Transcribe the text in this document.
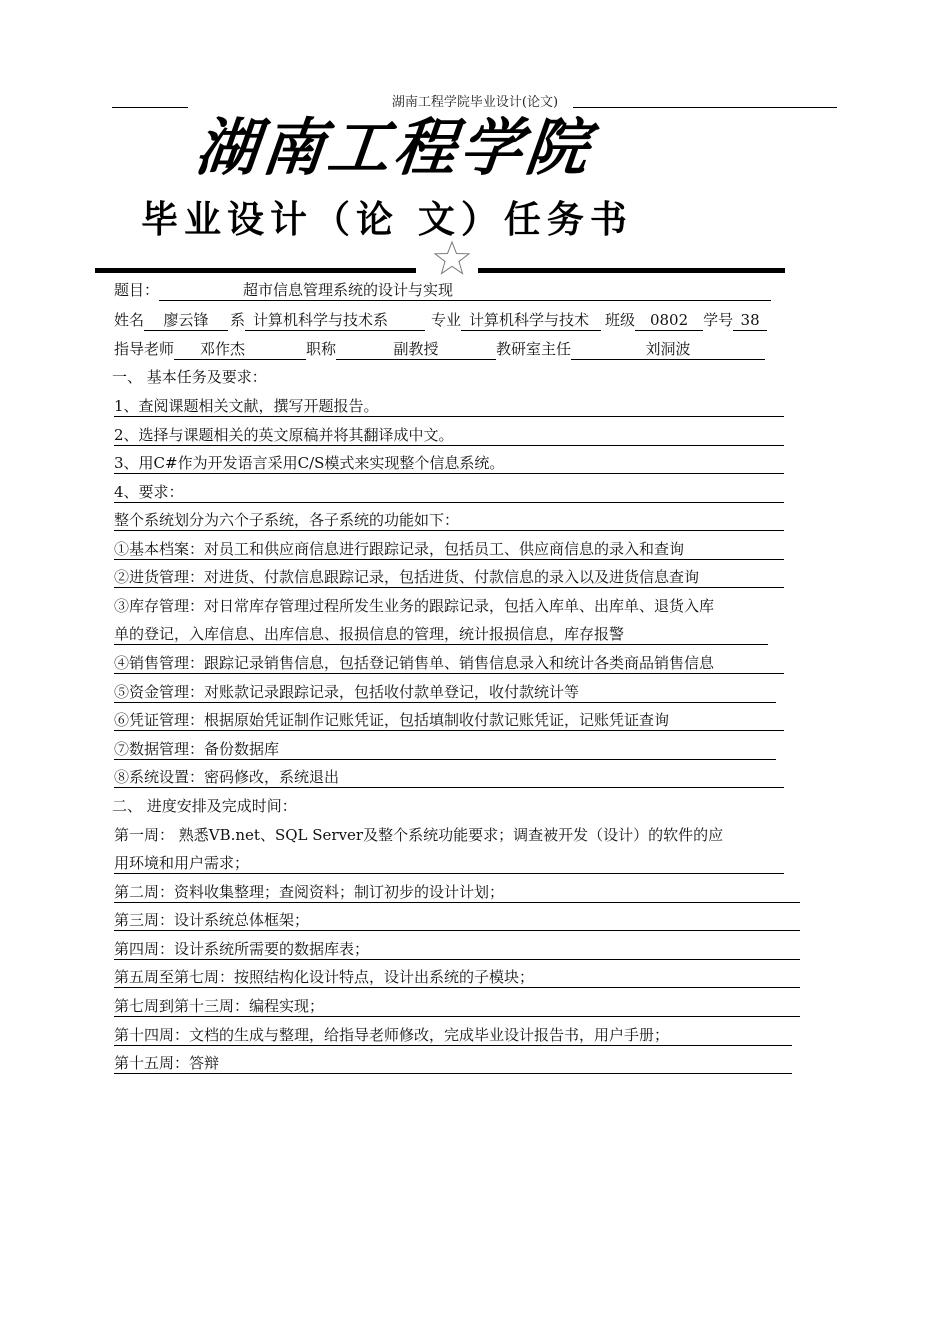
湖南工程学院毕业设计(论文)
湖南工程学院
毕业设计（论 文）任务书
题目：	超市信息管理系统的设计与实现
姓名 廖云锋 系 计算机科学与技术系	专业 计算机科学与技术 班级 0802 学号 38
指导老师 邓作杰	职称	副教授	教研室主任	刘洞波
一、 基本任务及要求：
1、查阅课题相关文献，撰写开题报告。
2、选择与课题相关的英文原稿并将其翻译成中文。
3、用C#作为开发语言采用C/S模式来实现整个信息系统。
4、要求：
整个系统划分为六个子系统，各子系统的功能如下：
①基本档案：对员工和供应商信息进行跟踪记录，包括员工、供应商信息的录入和查询
②进货管理：对进货、付款信息跟踪记录，包括进货、付款信息的录入以及进货信息查询
③库存管理：对日常库存管理过程所发生业务的跟踪记录，包括入库单、出库单、退货入库
单的登记，入库信息、出库信息、报损信息的管理，统计报损信息，库存报警
④销售管理：跟踪记录销售信息，包括登记销售单、销售信息录入和统计各类商品销售信息
⑤资金管理：对账款记录跟踪记录，包括收付款单登记，收付款统计等
⑥凭证管理：根据原始凭证制作记账凭证，包括填制收付款记账凭证，记账凭证查询
⑦数据管理：备份数据库
⑧系统设置：密码修改，系统退出
二、 进度安排及完成时间：
第一周： 熟悉VB.net、SQL Server及整个系统功能要求；调查被开发（设计）的软件的应
用环境和用户需求；
第二周：资料收集整理；查阅资料；制订初步的设计计划；
第三周：设计系统总体框架；
第四周：设计系统所需要的数据库表；
第五周至第七周：按照结构化设计特点，设计出系统的子模块；
第七周到第十三周：编程实现；
第十四周：文档的生成与整理，给指导老师修改，完成毕业设计报告书，用户手册；
第十五周：答辩
